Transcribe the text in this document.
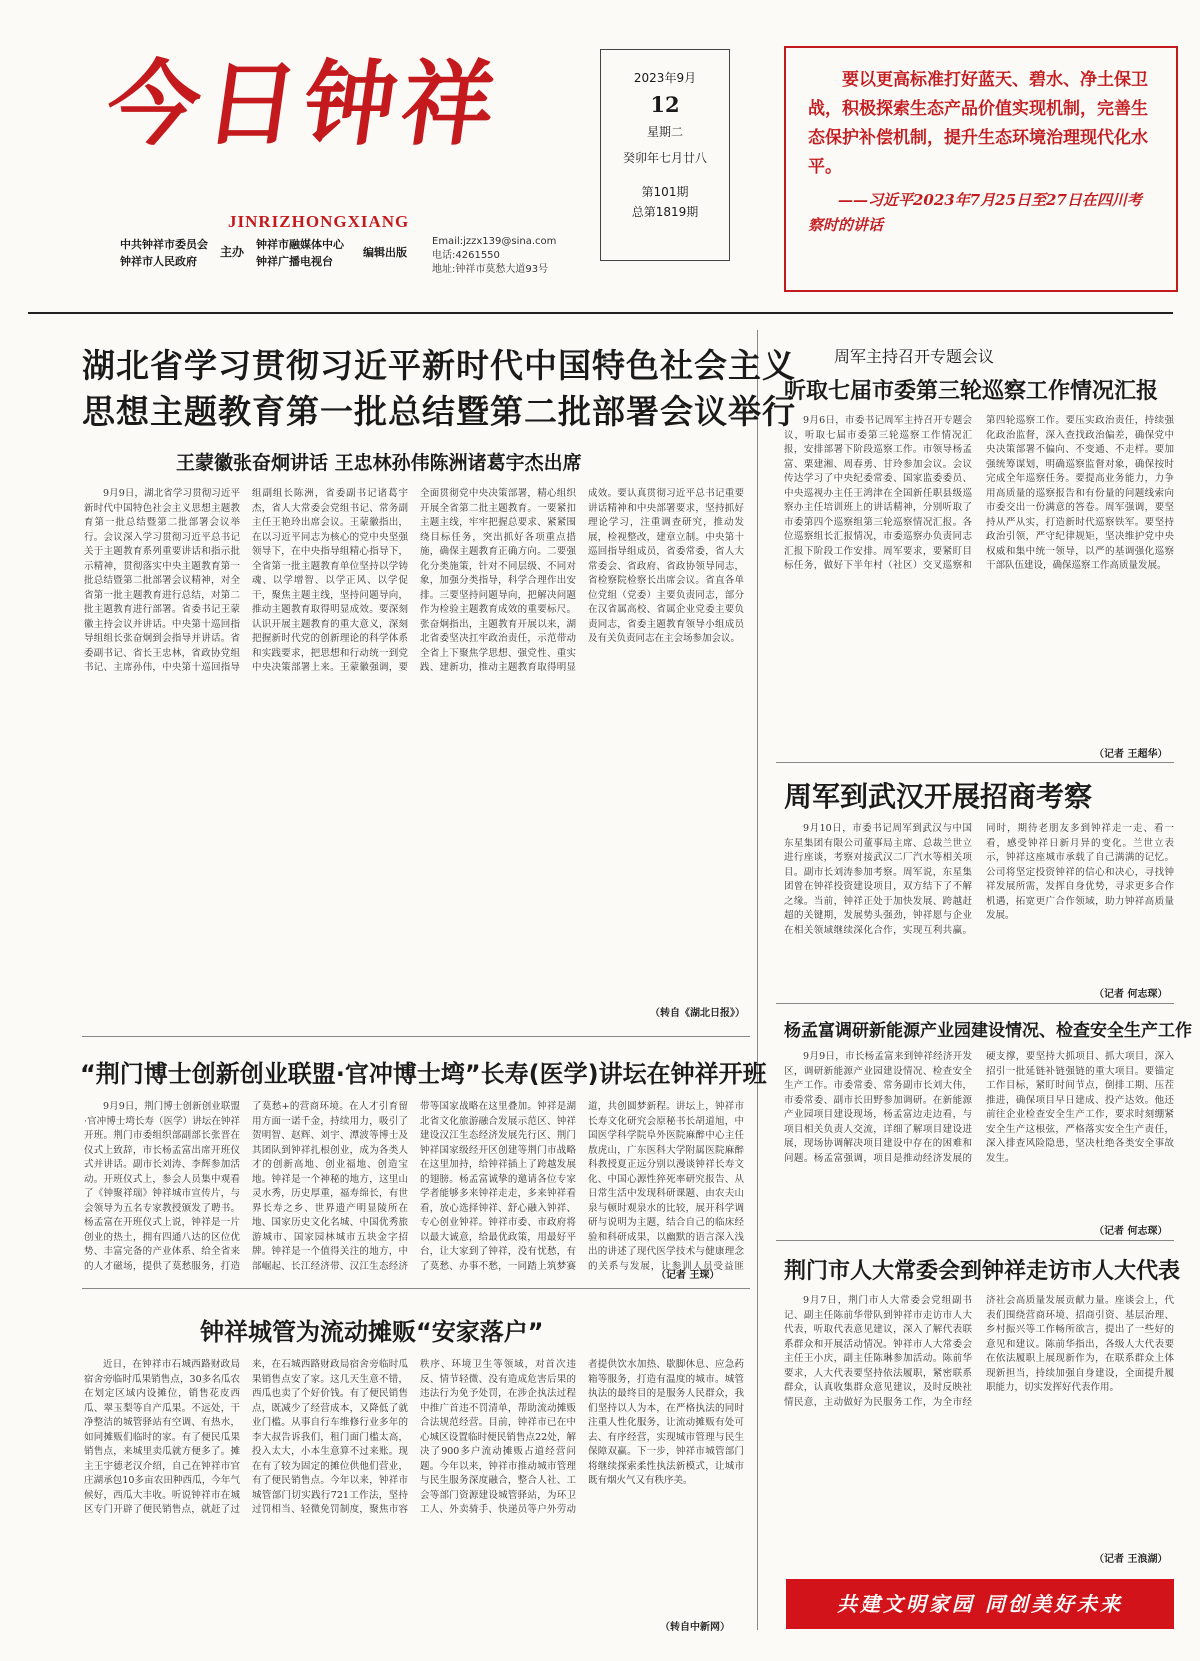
今日钟祥
JINRIZHONGXIANG
中共钟祥市委员会
钟祥市人民政府
主办
钟祥市融媒体中心
钟祥广播电视台
编辑出版
Email:jzzx139@sina.com
电话:4261550
地址:钟祥市莫愁大道93号
2023年9月
12
星期二
癸卯年七月廿八
第101期
总第1819期
要以更高标准打好蓝天、碧水、净土保卫战，积极探索生态产品价值实现机制，完善生态保护补偿机制，提升生态环境治理现代化水平。
——习近平2023年7月25日至27日在四川考察时的讲话
湖北省学习贯彻习近平新时代中国特色社会主义
思想主题教育第一批总结暨第二批部署会议举行
王蒙徽张奋炯讲话 王忠林孙伟陈洲诸葛宇杰出席

9月9日，湖北省学习贯彻习近平新时代中国特色社会主义思想主题教育第一批总结暨第二批部署会议举行。会议深入学习贯彻习近平总书记关于主题教育系列重要讲话和指示批示精神，贯彻落实中央主题教育第一批总结暨第二批部署会议精神，对全省第一批主题教育进行总结，对第二批主题教育进行部署。省委书记王蒙徽主持会议并讲话。中央第十巡回指导组组长张奋炯到会指导并讲话。省委副书记、省长王忠林，省政协党组书记、主席孙伟，中央第十巡回指导组副组长陈洲，省委副书记诸葛宇杰，省人大常委会党组书记、常务副主任王艳玲出席会议。王蒙徽指出，在以习近平同志为核心的党中央坚强领导下，在中央指导组精心指导下，全省第一批主题教育单位坚持以学铸魂、以学增智、以学正风、以学促干，聚焦主题主线，坚持问题导向，推动主题教育取得明显成效。要深刻认识开展主题教育的重大意义，深刻把握新时代党的创新理论的科学体系和实践要求，把思想和行动统一到党中央决策部署上来。王蒙徽强调，要全面贯彻党中央决策部署，精心组织开展全省第二批主题教育。一要紧扣主题主线，牢牢把握总要求、紧紧围绕目标任务，突出抓好各项重点措施，确保主题教育正确方向。二要强化分类施策，针对不同层级、不同对象，加强分类指导，科学合理作出安排。三要坚持问题导向，把解决问题作为检验主题教育成效的重要标尺。张奋炯指出，主题教育开展以来，湖北省委坚决扛牢政治责任，示范带动全省上下聚焦学思想、强党性、重实践、建新功，推动主题教育取得明显成效。要认真贯彻习近平总书记重要讲话精神和中央部署要求，坚持抓好理论学习，注重调查研究，推动发展，检视整改，建章立制。中央第十巡回指导组成员，省委常委，省人大常委会、省政府、省政协领导同志，省检察院检察长出席会议。省直各单位党组（党委）主要负责同志，部分在汉省属高校、省属企业党委主要负责同志，省委主题教育领导小组成员及有关负责同志在主会场参加会议。

（转自《湖北日报》）
“荆门博士创新创业联盟·官冲博士塆”长寿(医学)讲坛在钟祥开班

9月9日，荆门博士创新创业联盟·官冲博士塆长寿（医学）讲坛在钟祥开班。荆门市委组织部副部长张晋在仪式上致辞，市长杨孟富出席开班仪式并讲话。副市长刘涛、李辉参加活动。开班仪式上，参会人员集中观看了《钟聚祥瑞》钟祥城市宣传片，与会领导为五名专家教授颁发了聘书。杨孟富在开班仪式上说，钟祥是一片创业的热土，拥有四通八达的区位优势、丰富完备的产业体系、给全省来的人才磁场，提供了莫愁服务，打造了莫愁+的营商环境。在人才引育留用方面一诺千金，持续用力，吸引了贺明智、赵辉、刘宇、潭波等博士及其团队到钟祥扎根创业，成为各类人才的创新高地、创业福地、创造宝地。钟祥是一个神秘的地方，这里山灵水秀，历史厚重，福寿绵长，有世界长寿之乡、世界遗产明显陵所在地、国家历史文化名城、中国优秀旅游城市、国家园林城市五块金字招牌。钟祥是一个值得关注的地方，中部崛起、长江经济带、汉江生态经济带等国家战略在这里叠加。钟祥是湖北省文化旅游融合发展示范区、钟祥建设汉江生态经济发展先行区、荆门钟祥国家级经开区创建等荆门市战略在这里加持，给钟祥插上了跨越发展的翅膀。杨孟富诚挚的邀请各位专家学者能够多来钟祥走走，多来钟祥看看，放心选择钟祥、舒心融入钟祥、专心创业钟祥。钟祥市委、市政府将以最大诚意，给最优政策，用最好平台，让大家到了钟祥，没有忧愁，有了莫愁、办事不愁，一同踏上筑梦赛道，共创圆梦新程。讲坛上，钟祥市长寿文化研究会原秘书长胡道旭，中国医学科学院阜外医院麻醉中心主任敖虎山，广东医科大学附属医院麻醉科教授夏正远分别以漫谈钟祥长寿文化、中国心源性猝死率研究报告、从日常生活中发现科研课题、由农夫山泉与顿时观泉水的比较，展开科学调研与说明为主题，结合自己的临床经验和科研成果，以幽默的语言深入浅出的讲述了现代医学技术与健康理念的关系与发展，让参训人员受益匪

（记者 王琛）
钟祥城管为流动摊贩“安家落户”

近日，在钟祥市石城西路财政局宿舍旁临时瓜果销售点，30多名瓜农在划定区域内设摊位，销售花皮西瓜、翠玉梨等自产瓜果。不远处，干净整洁的城管驿站有空调、有热水，如同摊贩们临时的家。有了便民瓜果销售点，来城里卖瓜就方便多了。摊主王宇德老汉介绍，自己在钟祥市官庄湖承包10多亩农田种西瓜，今年气候好，西瓜大丰收。听说钟祥市在城区专门开辟了便民销售点，就赶了过来，在石城西路财政局宿舍旁临时瓜果销售点安了家。这几天生意不错，西瓜也卖了个好价钱。有了便民销售点，既减少了经营成本，又降低了就业门槛。从事自行车维修行业多年的李大叔告诉我们，租门面门槛太高，投入太大，小本生意算不过来账。现在有了较为固定的摊位供他们营业，有了便民销售点。今年以来，钟祥市城管部门切实践行721工作法，坚持过罚相当、轻微免罚制度，聚焦市容秩序、环境卫生等领域，对首次违反、情节轻微、没有造成危害后果的违法行为免予处罚，在涉企执法过程中推广首违不罚清单，帮助流动摊贩合法规范经营。目前，钟祥市已在中心城区设置临时便民销售点22处，解决了900多户流动摊贩占道经营问题。今年以来，钟祥市推动城市管理与民生服务深度融合，整合人社、工会等部门资源建设城管驿站，为环卫工人、外卖骑手、快递员等户外劳动者提供饮水加热、歇脚休息、应急药箱等服务，打造有温度的城市。城管执法的最终目的是服务人民群众，我们坚持以人为本，在严格执法的同时注重人性化服务，让流动摊贩有处可去、有序经营，实现城市管理与民生保障双赢。下一步，钟祥市城管部门将继续探索柔性执法新模式，让城市既有烟火气又有秩序美。

（转自中新网）
周军主持召开专题会议
听取七届市委第三轮巡察工作情况汇报

9月6日，市委书记周军主持召开专题会议，听取七届市委第三轮巡察工作情况汇报，安排部署下阶段巡察工作。市领导杨孟富、栗建湘、周春勇、甘玲参加会议。会议传达学习了中央纪委常委、国家监委委员、中央巡视办主任王鸿津在全国新任职县级巡察办主任培训班上的讲话精神，分别听取了市委第四个巡察组第三轮巡察情况汇报。各位巡察组长汇报情况，市委巡察办负责同志汇报下阶段工作安排。周军要求，要紧盯目标任务，做好下半年村（社区）交叉巡察和第四轮巡察工作。要压实政治责任，持续强化政治监督，深入查找政治偏差，确保党中央决策部署不偏向、不变通、不走样。要加强统筹谋划，明确巡察监督对象，确保按时完成全年巡察任务。要提高业务能力，力争用高质量的巡察报告和有份量的问题线索向市委交出一份满意的答卷。周军强调，要坚持从严从实，打造新时代巡察铁军。要坚持政治引领，严守纪律规矩，坚决维护党中央权威和集中统一领导，以严的基调强化巡察干部队伍建设，确保巡察工作高质量发展。

（记者 王超华）
周军到武汉开展招商考察

9月10日，市委书记周军到武汉与中国东星集团有限公司董事局主席、总裁兰世立进行座谈，考察对接武汉二厂汽水等相关项目。副市长刘涛参加考察。周军说，东星集团曾在钟祥投资建设项目，双方结下了不解之缘。当前，钟祥正处于加快发展、跨越赶超的关键期，发展势头强劲，钟祥愿与企业在相关领域继续深化合作，实现互利共赢。同时，期待老朋友多到钟祥走一走、看一看，感受钟祥日新月异的变化。兰世立表示，钟祥这座城市承载了自己满满的记忆。公司将坚定投资钟祥的信心和决心，寻找钟祥发展所需，发挥自身优势，寻求更多合作机遇，拓宽更广合作领域，助力钟祥高质量发展。

（记者 何志琛）
杨孟富调研新能源产业园建设情况、检查安全生产工作

9月9日，市长杨孟富来到钟祥经济开发区，调研新能源产业园建设情况、检查安全生产工作。市委常委、常务副市长刘大伟，市委常委、副市长田野参加调研。在新能源产业园项目建设现场，杨孟富边走边看，与项目相关负责人交流，详细了解项目建设进展，现场协调解决项目建设中存在的困难和问题。杨孟富强调，项目是推动经济发展的硬支撑，要坚持大抓项目、抓大项目，深入招引一批延链补链强链的重大项目。要锚定工作目标，紧盯时间节点，倒排工期、压茬推进，确保项目早日建成、投产达效。他还前往企业检查安全生产工作，要求时刻绷紧安全生产这根弦，严格落实安全生产责任，深入排查风险隐患，坚决杜绝各类安全事故发生。

（记者 何志琛）
荆门市人大常委会到钟祥走访市人大代表

9月7日，荆门市人大常委会党组副书记、副主任陈前华带队到钟祥市走访市人大代表，听取代表意见建议，深入了解代表联系群众和开展活动情况。钟祥市人大常委会主任王小庆，副主任陈琳参加活动。陈前华要求，人大代表要坚持依法履职，紧密联系群众，认真收集群众意见建议，及时反映社情民意，主动做好为民服务工作，为全市经济社会高质量发展贡献力量。座谈会上，代表们围绕营商环境、招商引资、基层治理、乡村振兴等工作畅所欲言，提出了一些好的意见和建议。陈前华指出，各级人大代表要在依法履职上展现新作为，在联系群众上体现新担当，持续加强自身建设，全面提升履职能力，切实发挥好代表作用。

（记者 王浪湖）
共建文明家园 同创美好未来
